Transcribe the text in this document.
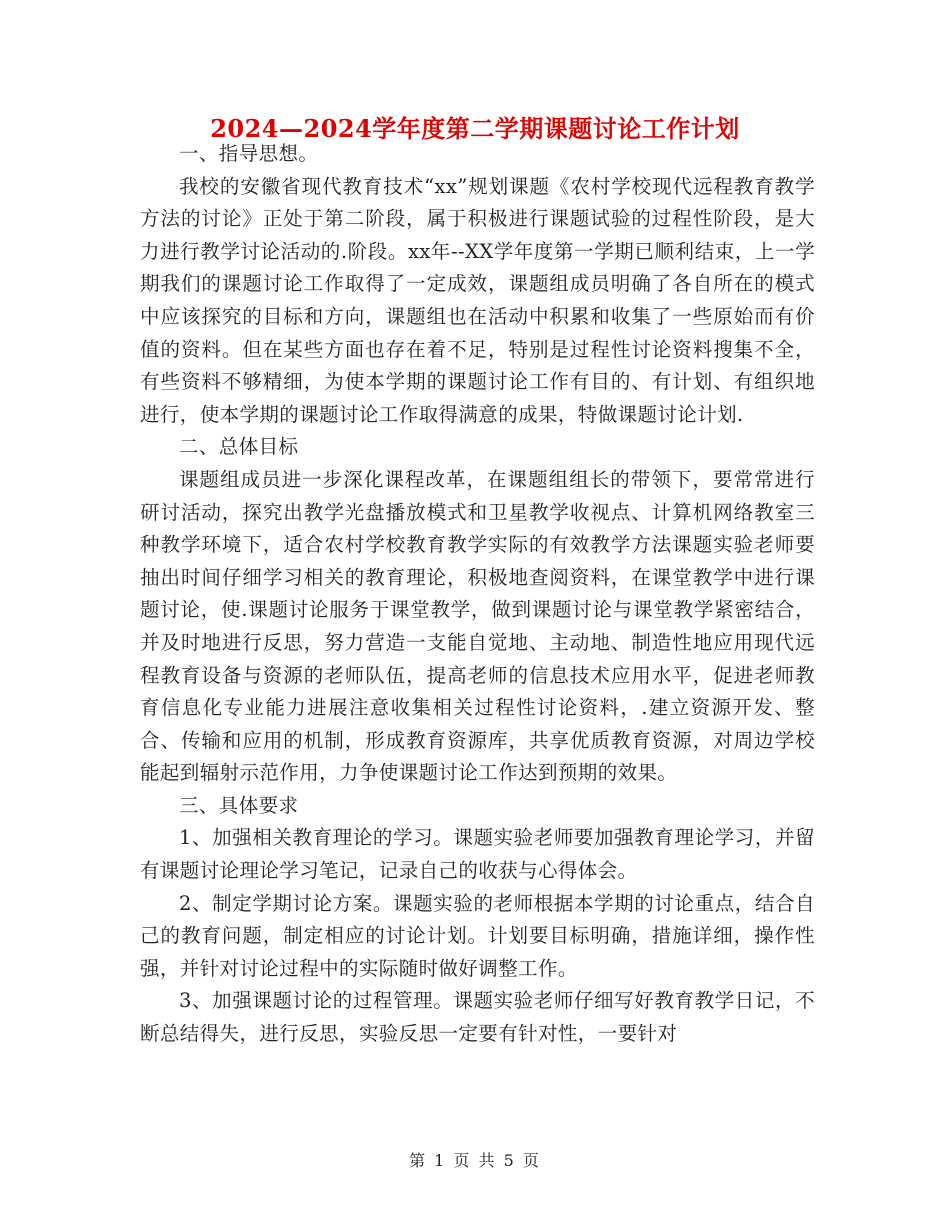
2024—2024学年度第二学期课题讨论工作计划

一、指导思想。

我校的安徽省现代教育技术“xx”规划课题《农村学校现代远程教育教学方法的讨论》正处于第二阶段，属于积极进行课题试验的过程性阶段，是大力进行教学讨论活动的.阶段。xx年--XX学年度第一学期已顺利结束，上一学期我们的课题讨论工作取得了一定成效，课题组成员明确了各自所在的模式中应该探究的目标和方向，课题组也在活动中积累和收集了一些原始而有价值的资料。但在某些方面也存在着不足，特别是过程性讨论资料搜集不全，有些资料不够精细，为使本学期的课题讨论工作有目的、有计划、有组织地进行，使本学期的课题讨论工作取得满意的成果，特做课题讨论计划.

二、总体目标

课题组成员进一步深化课程改革，在课题组组长的带领下，要常常进行研讨活动，探究出教学光盘播放模式和卫星教学收视点、计算机网络教室三种教学环境下，适合农村学校教育教学实际的有效教学方法课题实验老师要抽出时间仔细学习相关的教育理论，积极地查阅资料，在课堂教学中进行课题讨论，使.课题讨论服务于课堂教学，做到课题讨论与课堂教学紧密结合，并及时地进行反思，努力营造一支能自觉地、主动地、制造性地应用现代远程教育设备与资源的老师队伍，提高老师的信息技术应用水平，促进老师教育信息化专业能力进展注意收集相关过程性讨论资料，.建立资源开发、整合、传输和应用的机制，形成教育资源库，共享优质教育资源，对周边学校能起到辐射示范作用，力争使课题讨论工作达到预期的效果。

三、具体要求

1、加强相关教育理论的学习。课题实验老师要加强教育理论学习，并留有课题讨论理论学习笔记，记录自己的收获与心得体会。

2、制定学期讨论方案。课题实验的老师根据本学期的讨论重点，结合自己的教育问题，制定相应的讨论计划。计划要目标明确，措施详细，操作性强，并针对讨论过程中的实际随时做好调整工作。

3、加强课题讨论的过程管理。课题实验老师仔细写好教育教学日记，不断总结得失，进行反思，实验反思一定要有针对性，一要针对

第 1 页 共 5 页
